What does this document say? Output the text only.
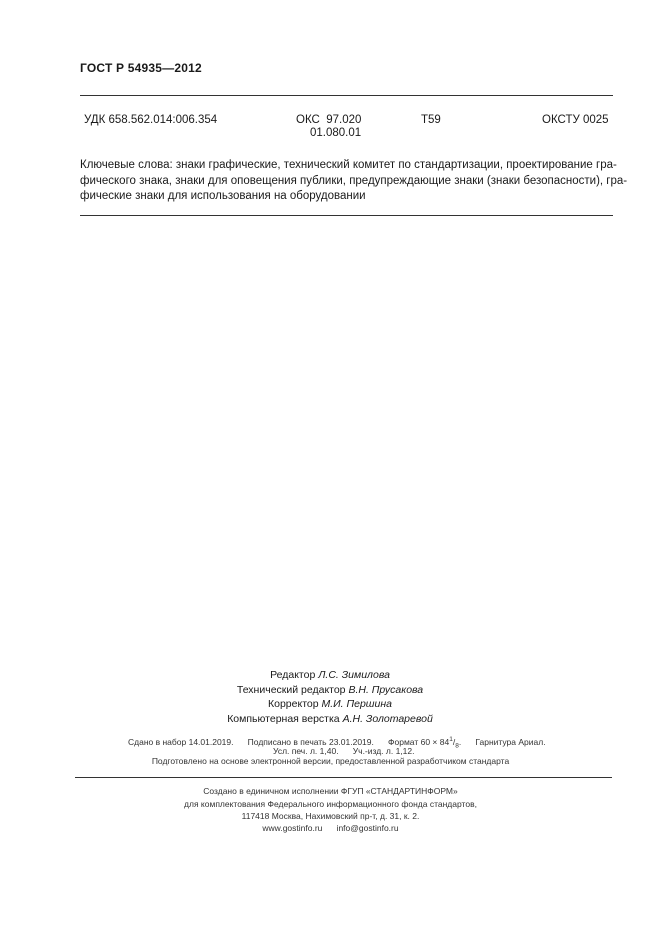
ГОСТ Р 54935—2012
УДК 658.562.014:006.354	ОКС 97.020
01.080.01
Т59	ОКСТУ 0025
Ключевые слова: знаки графические, технический комитет по стандартизации, проектирование гра-
фического знака, знаки для оповещения публики, предупреждающие знаки (знаки безопасности), гра-
фические знаки для использования на оборудовании
Редактор Л.С. Зимилова
Технический редактор В.Н. Прусакова
Корректор М.И. Першина
Компьютерная верстка А.Н. Золотаревой
Сдано в набор 14.01.2019. Подписано в печать 23.01.2019. Формат $60 \times 84^1/_8$. Гарнитура Ариал.
Усл. печ. л. 1,40. Уч.-изд. л. 1,12.
Подготовлено на основе электронной версии, предоставленной разработчиком стандарта
Создано в единичном исполнении ФГУП «СТАНДАРТИНФОРМ»
для комплектования Федерального информационного фонда стандартов,
117418 Москва, Нахимовский пр-т, д. 31, к. 2.
www.gostinfo.ru info@gostinfo.ru
